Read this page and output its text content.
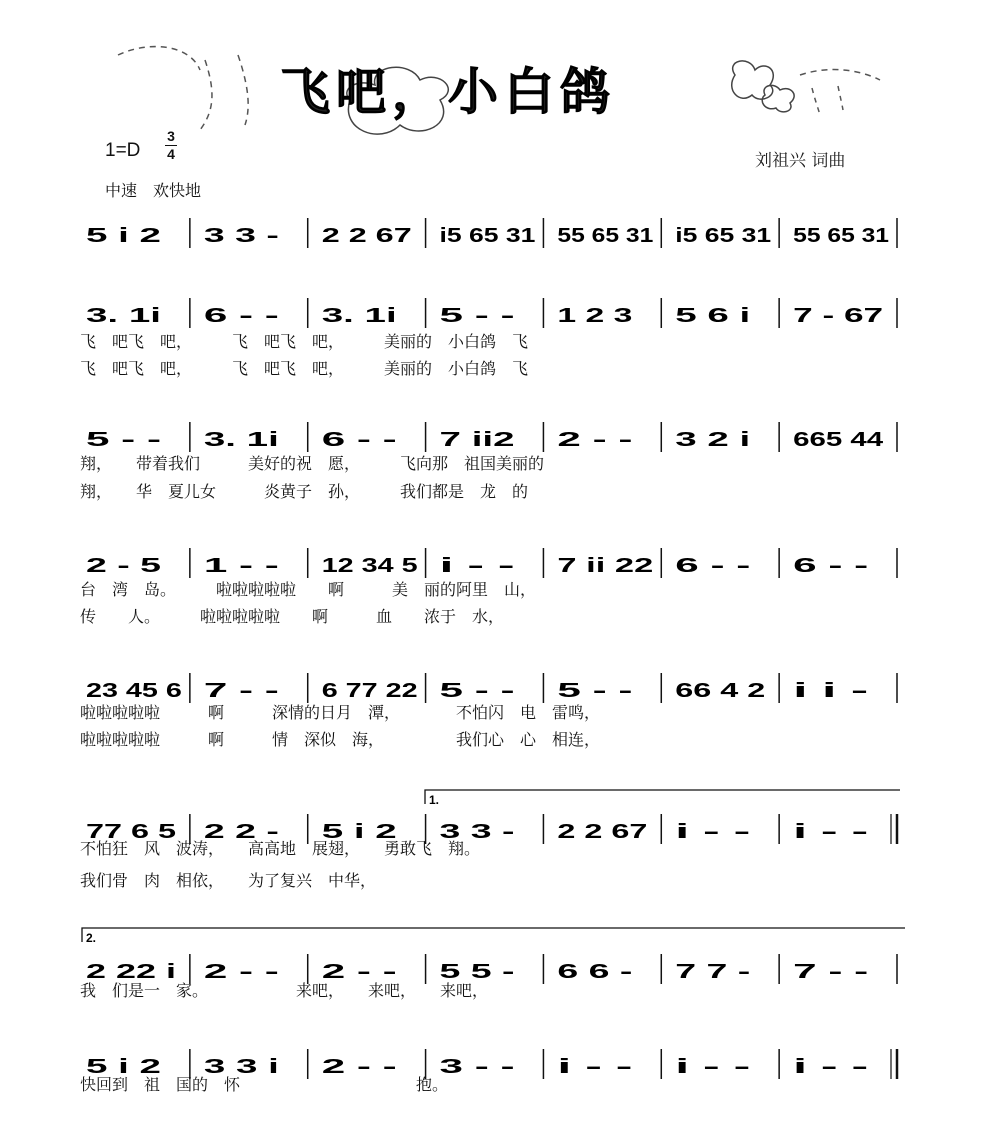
飞吧，小白鸽
1=D
3
4
中速　欢快地
刘祖兴 词曲
5 i 2 3 3 - 2 2 67 i5 65 31 55 65 31 i5 65 31 55 65 31
3. 1i 6 - - 3. 1i 5 - - 1 2 3 5 6 i 7 - 67
5 - - 3. 1i 6 - - 7 ii2 2 - - 3 2 i 665 44
2 - 5 1 - - 12 34 5 i - - 7 ii 22 6 - - 6 - -
23 45 6 7 - - 6 77 22 5 - - 5 - - 66 4 2 i i -
77 6 5 2 2 - 5 i 2 3 3 - 2 2 67 i - - i - -
2 22 i 2 - - 2 - - 5 5 - 6 6 - 7 7 - 7 - -
5 i 2 3 3 i 2 - - 3 - - i - - i - - i - -
1.
2.
飞　吧飞　吧，　　　飞　吧飞　吧，　　　美丽的　小白鸽　飞
飞　吧飞　吧，　　　飞　吧飞　吧，　　　美丽的　小白鸽　飞
翔，　　带着我们　　　美好的祝　愿，　　　飞向那　祖国美丽的
翔，　　华　夏儿女　　　炎黄子　孙，　　　我们都是　龙　的
台　湾　岛。　　　啦啦啦啦啦　　啊　　　美　丽的阿里　山，
传　　人。　　　啦啦啦啦啦　　啊　　　血　　浓于　水，
啦啦啦啦啦　　　啊　　　深情的日月　潭，　　　　不怕闪　电　雷鸣，
啦啦啦啦啦　　　啊　　　情　深似　海，　　　　　我们心　心　相连，
不怕狂　风　波涛，　　高高地　展翅，　　勇敢飞　翔。
我们骨　肉　相依，　　为了复兴　中华，
我　们是一　家。　　　　　　来吧，　　来吧，　　来吧，
快回到　祖　国的　怀　　　　　　　　　　　抱。
